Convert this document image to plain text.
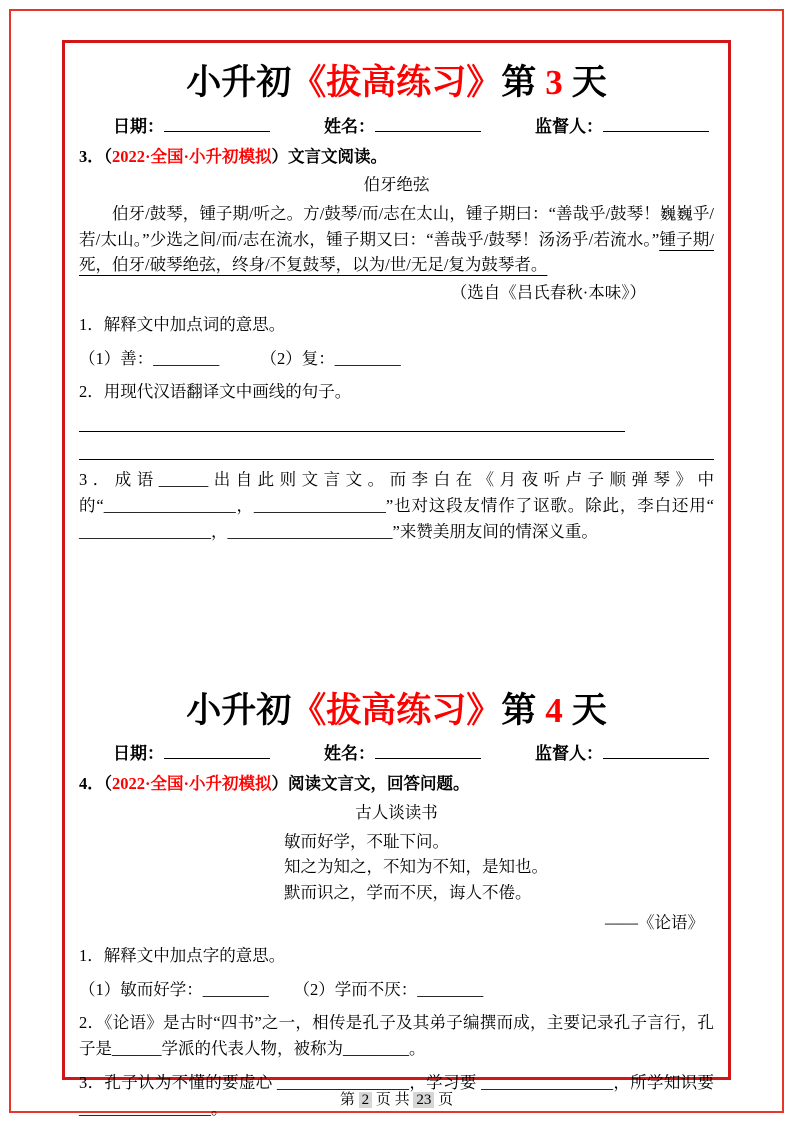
小升初《拔高练习》第 3 天
日期：	姓名：	监督人：

3．（2022·全国·小升初模拟）文言文阅读。

伯牙绝弦

伯牙/鼓琴，锺子期/听之。方/鼓琴/而/志在太山，锺子期曰：“善哉乎/鼓琴！巍巍乎/若/太山。”少选之间/而/志在流水，锺子期又曰：“善哉乎/鼓琴！汤汤乎/若流水。”锺子期/死，伯牙/破琴绝弦，终身/不复鼓琴，以为/世/无足/复为鼓琴者。

（选自《吕氏春秋·本味》）

1．解释文中加点词的意思。

（1）善：________　　　（2）复：________

2．用现代汉语翻译文中画线的句子。

3．成语______出自此则文言文。而李白在《月夜听卢子顺弹琴》中的“________________，________________”也对这段友情作了讴歌。除此，李白还用“ ________________，____________________”来赞美朋友间的情深义重。

小升初《拔高练习》第 4 天
日期：	姓名：	监督人：

4．（2022·全国·小升初模拟）阅读文言文，回答问题。

古人谈读书

敏而好学，不耻下问。
知之为知之，不知为不知，是知也。
默而识之，学而不厌，诲人不倦。

——《论语》

1．解释文中加点字的意思。

（1）敏而好学：________　　（2）学而不厌：________

2．《论语》是古时“四书”之一，相传是孔子及其弟子编撰而成，主要记录孔子言行，孔子是______学派的代表人物，被称为________。

3．孔子认为不懂的要虚心 ________________，学习要 ________________，所学知识要________________。	第 2 页 共 23 页
